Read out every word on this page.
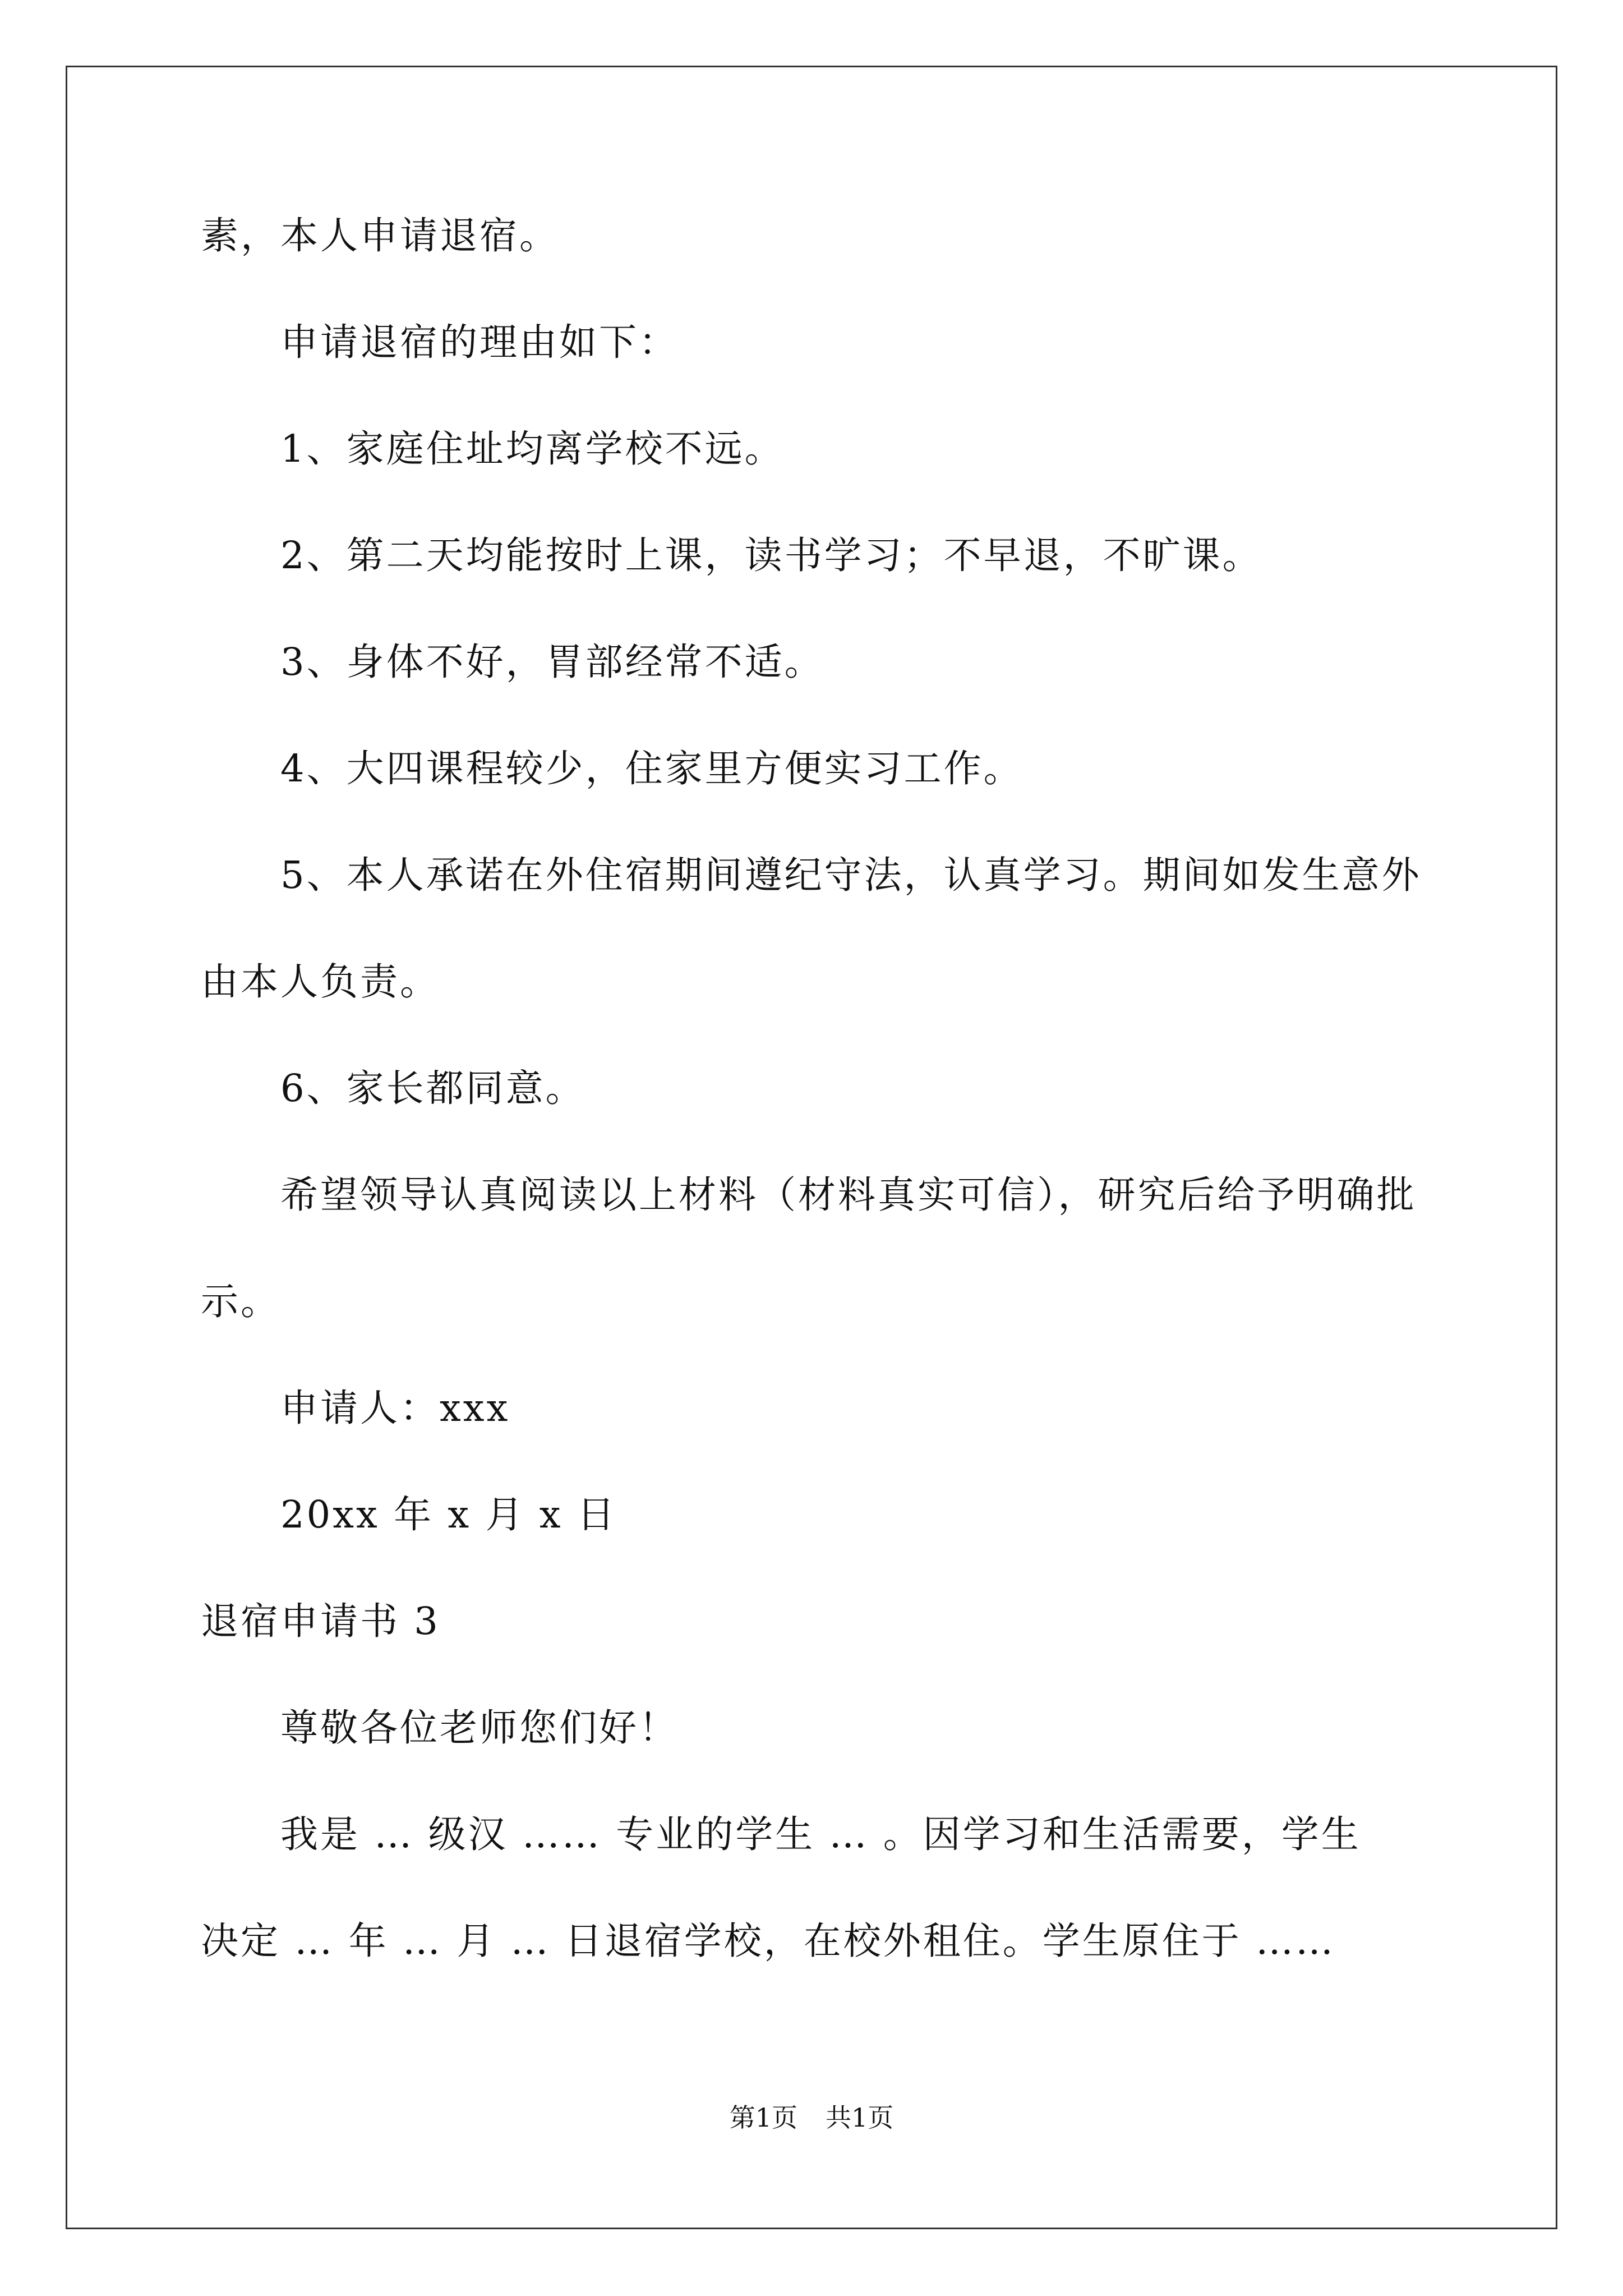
素，本人申请退宿。
申请退宿的理由如下：
1、家庭住址均离学校不远。
2、第二天均能按时上课，读书学习；不早退，不旷课。
3、身体不好，胃部经常不适。
4、大四课程较少，住家里方便实习工作。
5、本人承诺在外住宿期间遵纪守法，认真学习。期间如发生意外
由本人负责。
6、家长都同意。
希望领导认真阅读以上材料（材料真实可信），研究后给予明确批
示。
申请人：xxx
20xx 年 x 月 x 日
退宿申请书 3
尊敬各位老师您们好！
我是 … 级汉 …… 专业的学生 … 。因学习和生活需要，学生
决定 … 年 … 月 … 日退宿学校，在校外租住。学生原住于 ……
第1页 共1页
